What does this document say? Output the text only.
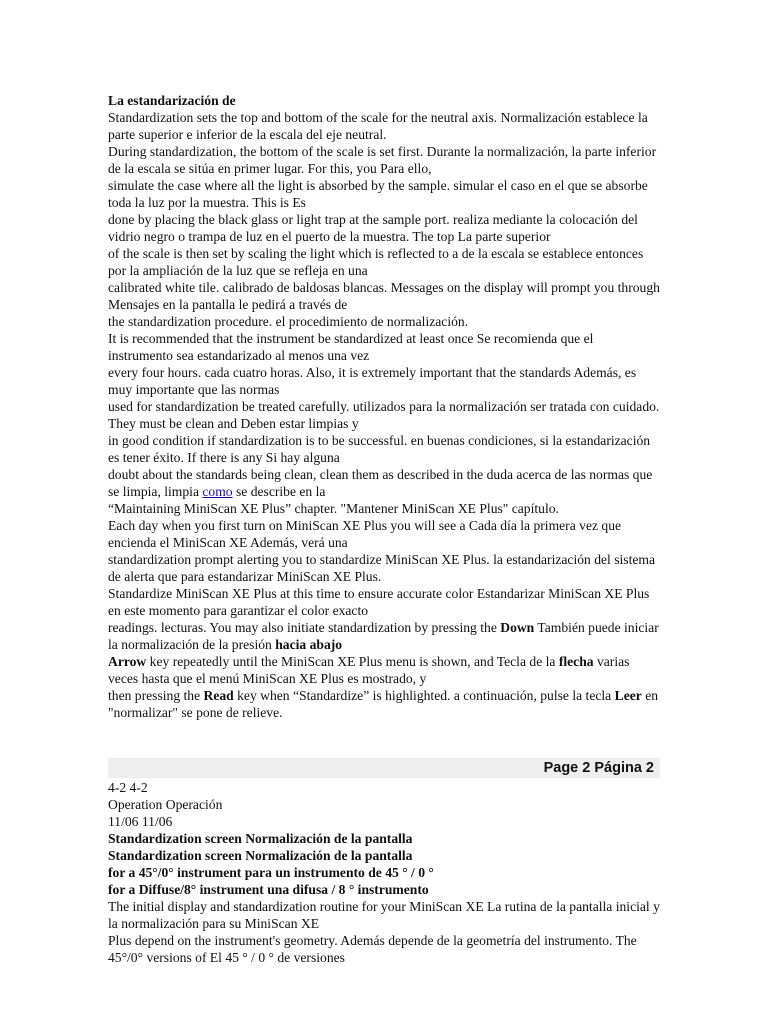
La estandarización de

Standardization sets the top and bottom of the scale for the neutral axis. Normalización establece la parte superior e inferior de la escala del eje neutral.

During standardization, the bottom of the scale is set first. Durante la normalización, la parte inferior de la escala se sitúa en primer lugar. For this, you Para ello,

simulate the case where all the light is absorbed by the sample. simular el caso en el que se absorbe toda la luz por la muestra. This is Es

done by placing the black glass or light trap at the sample port. realiza mediante la colocación del vidrio negro o trampa de luz en el puerto de la muestra. The top La parte superior

of the scale is then set by scaling the light which is reflected to a de la escala se establece entonces por la ampliación de la luz que se refleja en una

calibrated white tile. calibrado de baldosas blancas. Messages on the display will prompt you through Mensajes en la pantalla le pedirá a través de

the standardization procedure. el procedimiento de normalización.

It is recommended that the instrument be standardized at least once Se recomienda que el instrumento sea estandarizado al menos una vez

every four hours. cada cuatro horas. Also, it is extremely important that the standards Además, es muy importante que las normas

used for standardization be treated carefully. utilizados para la normalización ser tratada con cuidado. They must be clean and Deben estar limpias y

in good condition if standardization is to be successful. en buenas condiciones, si la estandarización es tener éxito. If there is any Si hay alguna

doubt about the standards being clean, clean them as described in the duda acerca de las normas que se limpia, limpia como se describe en la

“Maintaining MiniScan XE Plus” chapter. "Mantener MiniScan XE Plus" capítulo.

Each day when you first turn on MiniScan XE Plus you will see a Cada día la primera vez que encienda el MiniScan XE Además, verá una

standardization prompt alerting you to standardize MiniScan XE Plus. la estandarización del sistema de alerta que para estandarizar MiniScan XE Plus.

Standardize MiniScan XE Plus at this time to ensure accurate color Estandarizar MiniScan XE Plus en este momento para garantizar el color exacto

readings. lecturas. You may also initiate standardization by pressing the Down También puede iniciar la normalización de la presión hacia abajo

Arrow key repeatedly until the MiniScan XE Plus menu is shown, and Tecla de la flecha varias veces hasta que el menú MiniScan XE Plus es mostrado, y

then pressing the Read key when “Standardize” is highlighted. a continuación, pulse la tecla Leer en "normalizar" se pone de relieve.

Page 2 Página 2

4-2 4-2

Operation Operación

11/06 11/06

Standardization screen Normalización de la pantalla

Standardization screen Normalización de la pantalla

for a 45°/0° instrument para un instrumento de 45 ° / 0 °

for a Diffuse/8° instrument una difusa / 8 ° instrumento

The initial display and standardization routine for your MiniScan XE La rutina de la pantalla inicial y la normalización para su MiniScan XE

Plus depend on the instrument's geometry. Además depende de la geometría del instrumento. The 45°/0° versions of El 45 ° / 0 ° de versiones
